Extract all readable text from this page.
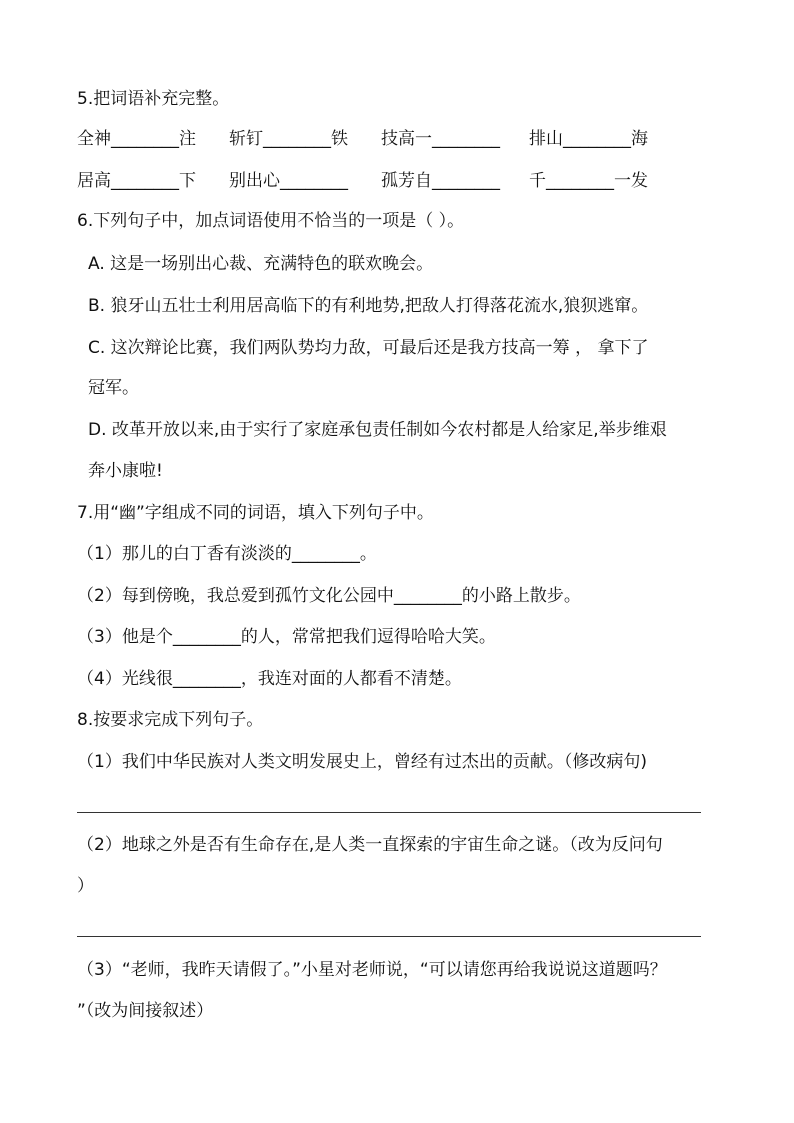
5.把词语补充完整。
全神________注 斩钉________铁 技高一________ 排山________海
居高________下 别出心________ 孤芳自________ 千________一发
6.下列句子中，加点词语使用不恰当的一项是（ ）。
A. 这是一场别出心裁、充满特色的联欢晚会。
B. 狼牙山五壮士利用居高临下的有利地势,把敌人打得落花流水,狼狈逃窜。
C. 这次辩论比赛，我们两队势均力敌，可最后还是我方技高一筹 ， 拿下了
冠军。
D. 改革开放以来,由于实行了家庭承包责任制如今农村都是人给家足,举步维艰
奔小康啦!
7.用“幽”字组成不同的词语，填入下列句子中。
（1）那儿的白丁香有淡淡的________。
（2）每到傍晚，我总爱到孤竹文化公园中________的小路上散步。
（3）他是个________的人，常常把我们逗得哈哈大笑。
（4）光线很________，我连对面的人都看不清楚。
8.按要求完成下列句子。
（1）我们中华民族对人类文明发展史上，曾经有过杰出的贡献。（修改病句)
（2）地球之外是否有生命存在,是人类一直探索的宇宙生命之谜。（改为反问句
）
（3）“老师，我昨天请假了。”小星对老师说，“可以请您再给我说说这道题吗？
”（改为间接叙述）
